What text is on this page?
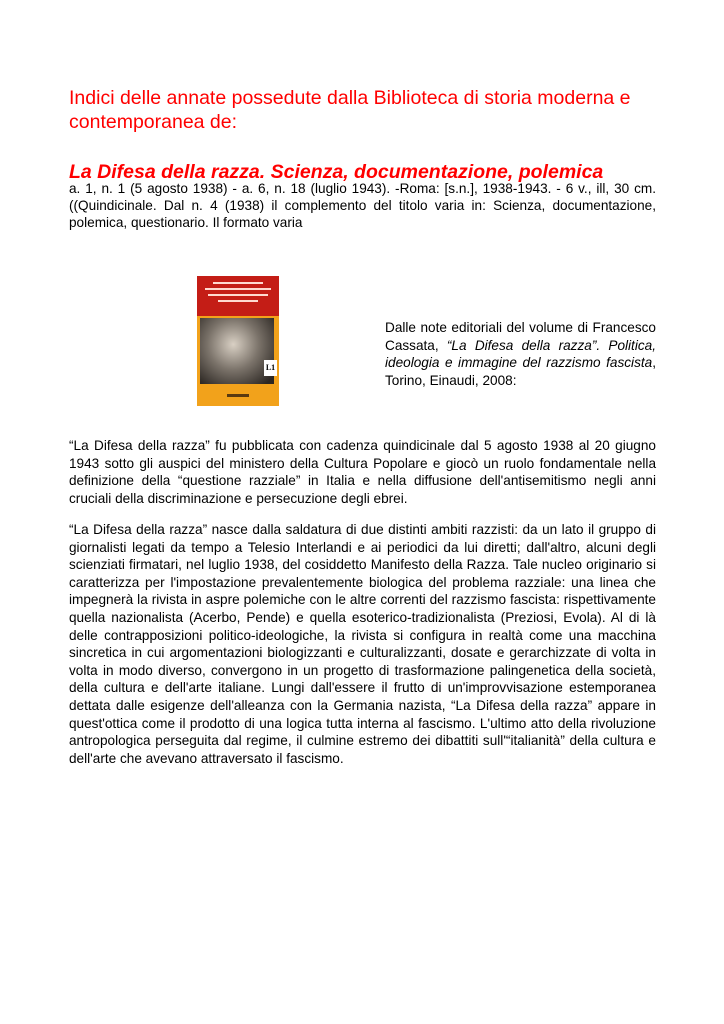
Indici delle annate possedute dalla Biblioteca di storia moderna e contemporanea de:
La Difesa della razza. Scienza, documentazione, polemica

a. 1, n. 1 (5 agosto 1938) - a. 6, n. 18 (luglio 1943). -Roma: [s.n.], 1938-1943. - 6 v., ill, 30 cm. ((Quindicinale. Dal n. 4 (1938) il complemento del titolo varia in: Scienza, documentazione, polemica, questionario. Il formato varia

L1

Dalle note editoriali del volume di Francesco Cassata, “La Difesa della razza”. Politica, ideologia e immagine del razzismo fascista, Torino, Einaudi, 2008:

“La Difesa della razza” fu pubblicata con cadenza quindicinale dal 5 agosto 1938 al 20 giugno 1943 sotto gli auspici del ministero della Cultura Popolare e giocò un ruolo fondamentale nella definizione della “questione razziale” in Italia e nella diffusione dell'antisemitismo negli anni cruciali della discriminazione e persecuzione degli ebrei.

“La Difesa della razza” nasce dalla saldatura di due distinti ambiti razzisti: da un lato il gruppo di giornalisti legati da tempo a Telesio Interlandi e ai periodici da lui diretti; dall'altro, alcuni degli scienziati firmatari, nel luglio 1938, del cosiddetto Manifesto della Razza. Tale nucleo originario si caratterizza per l'impostazione prevalentemente biologica del problema razziale: una linea che impegnerà la rivista in aspre polemiche con le altre correnti del razzismo fascista: rispettivamente quella nazionalista (Acerbo, Pende) e quella esoterico-tradizionalista (Preziosi, Evola). Al di là delle contrapposizioni politico-ideologiche, la rivista si configura in realtà come una macchina sincretica in cui argomentazioni biologizzanti e culturalizzanti, dosate e gerarchizzate di volta in volta in modo diverso, convergono in un progetto di trasformazione palingenetica della società, della cultura e dell'arte italiane. Lungi dall'essere il frutto di un'improvvisazione estemporanea dettata dalle esigenze dell'alleanza con la Germania nazista, “La Difesa della razza” appare in quest'ottica come il prodotto di una logica tutta interna al fascismo. L'ultimo atto della rivoluzione antropologica perseguita dal regime, il culmine estremo dei dibattiti sull'“italianità” della cultura e dell'arte che avevano attraversato il fascismo.
